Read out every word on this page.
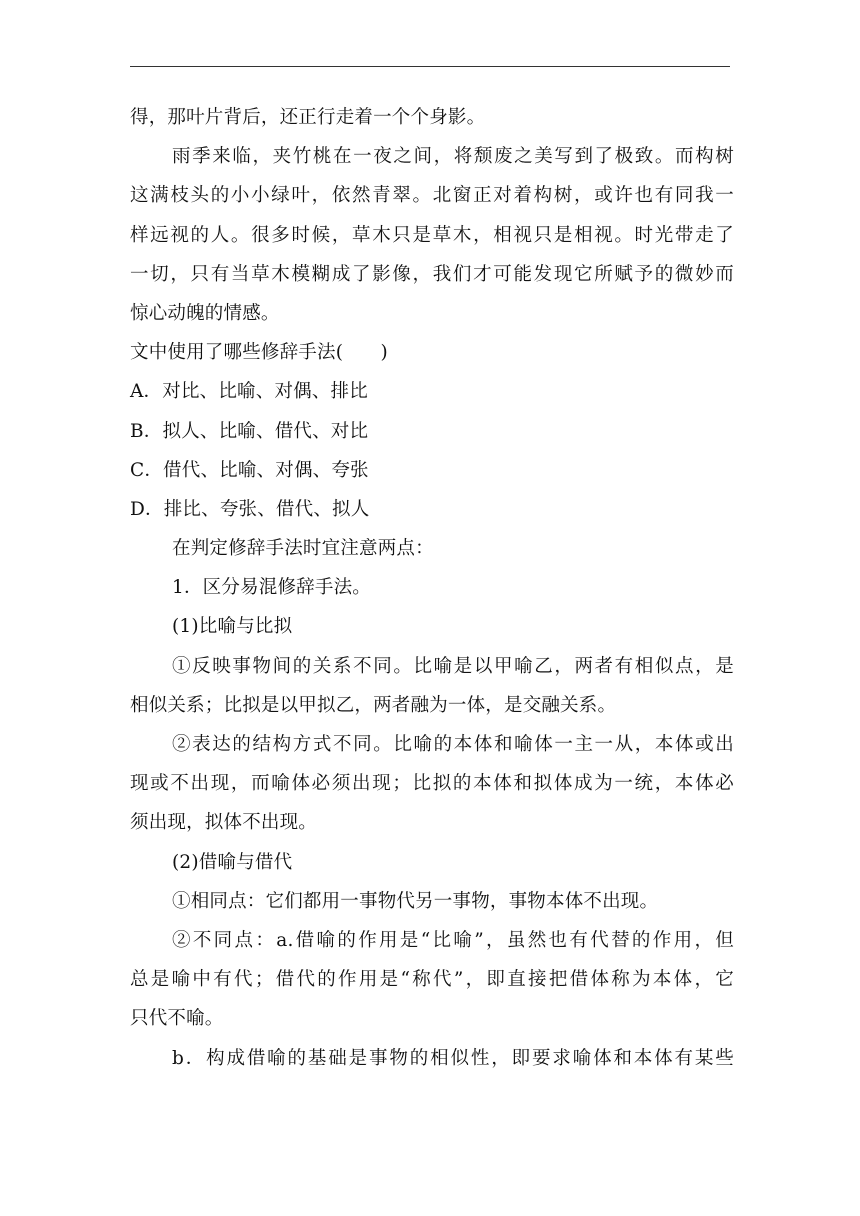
得，那叶片背后，还正行走着一个个身影。
雨季来临，夹竹桃在一夜之间，将颓废之美写到了极致。而构树
这满枝头的小小绿叶，依然青翠。北窗正对着构树，或许也有同我一
样远视的人。很多时候，草木只是草木，相视只是相视。时光带走了
一切，只有当草木模糊成了影像，我们才可能发现它所赋予的微妙而
惊心动魄的情感。
文中使用了哪些修辞手法(　　)
A．对比、比喻、对偶、排比
B．拟人、比喻、借代、对比
C．借代、比喻、对偶、夸张
D．排比、夸张、借代、拟人
在判定修辞手法时宜注意两点：
1．区分易混修辞手法。
(1)比喻与比拟
①反映事物间的关系不同。比喻是以甲喻乙，两者有相似点，是
相似关系；比拟是以甲拟乙，两者融为一体，是交融关系。
②表达的结构方式不同。比喻的本体和喻体一主一从，本体或出
现或不出现，而喻体必须出现；比拟的本体和拟体成为一统，本体必
须出现，拟体不出现。
(2)借喻与借代
①相同点：它们都用一事物代另一事物，事物本体不出现。
②不同点：a.借喻的作用是“比喻”，虽然也有代替的作用，但
总是喻中有代；借代的作用是“称代”，即直接把借体称为本体，它
只代不喻。
b．构成借喻的基础是事物的相似性，即要求喻体和本体有某些
